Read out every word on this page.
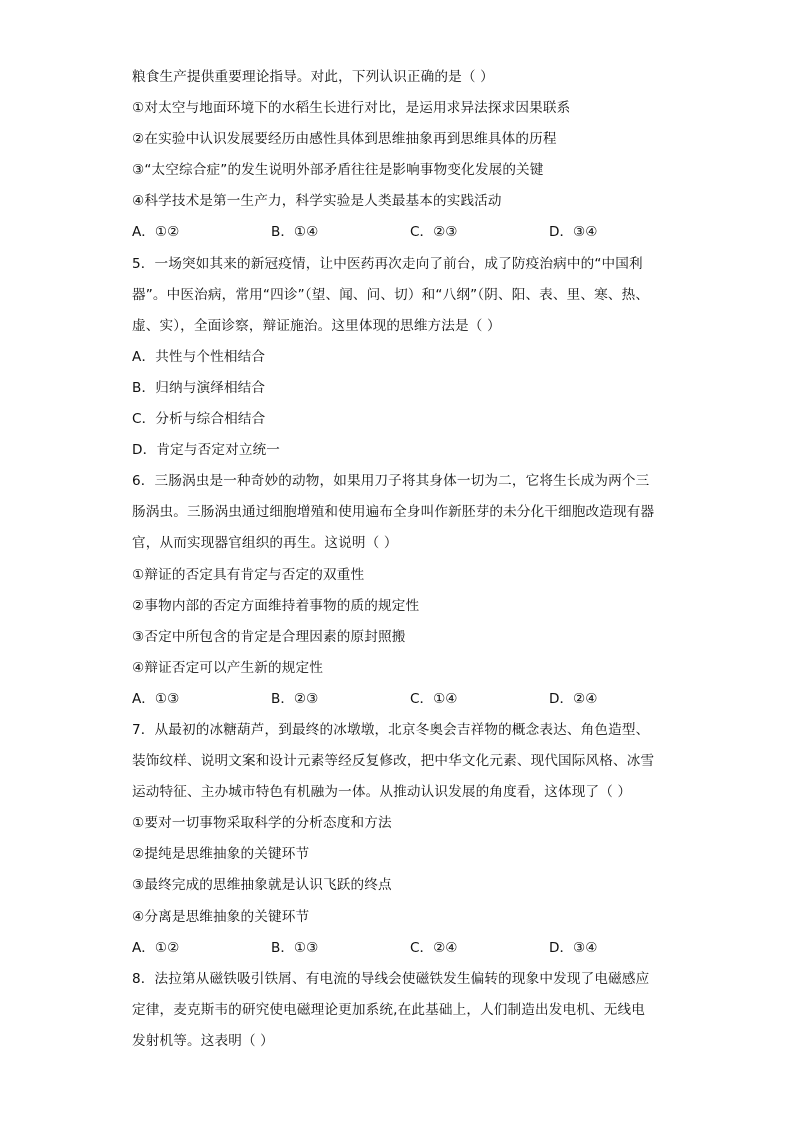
粮食生产提供重要理论指导。对此，下列认识正确的是（ ）
①对太空与地面环境下的水稻生长进行对比，是运用求异法探求因果联系
②在实验中认识发展要经历由感性具体到思维抽象再到思维具体的历程
③“太空综合症”的发生说明外部矛盾往往是影响事物变化发展的关键
④科学技术是第一生产力，科学实验是人类最基本的实践活动
A．①②	B．①④	C．②③	D．③④
5．一场突如其来的新冠疫情，让中医药再次走向了前台，成了防疫治病中的“中国利
器”。中医治病，常用“四诊”（望、闻、问、切）和“八纲”（阴、阳、表、里、寒、热、
虚、实），全面诊察，辩证施治。这里体现的思维方法是（ ）
A．共性与个性相结合
B．归纳与演绎相结合
C．分析与综合相结合
D．肯定与否定对立统一
6．三肠涡虫是一种奇妙的动物，如果用刀子将其身体一切为二，它将生长成为两个三
肠涡虫。三肠涡虫通过细胞增殖和使用遍布全身叫作新胚芽的未分化干细胞改造现有器
官，从而实现器官组织的再生。这说明（ ）
①辩证的否定具有肯定与否定的双重性
②事物内部的否定方面维持着事物的质的规定性
③否定中所包含的肯定是合理因素的原封照搬
④辩证否定可以产生新的规定性
A．①③	B．②③	C．①④	D．②④
7．从最初的冰糖葫芦，到最终的冰墩墩，北京冬奥会吉祥物的概念表达、角色造型、
装饰纹样、说明文案和设计元素等经反复修改，把中华文化元素、现代国际风格、冰雪
运动特征、主办城市特色有机融为一体。从推动认识发展的角度看，这体现了（ ）
①要对一切事物采取科学的分析态度和方法
②提纯是思维抽象的关键环节
③最终完成的思维抽象就是认识飞跃的终点
④分离是思维抽象的关键环节
A．①②	B．①③	C．②④	D．③④
8．法拉第从磁铁吸引铁屑、有电流的导线会使磁铁发生偏转的现象中发现了电磁感应
定律，麦克斯韦的研究使电磁理论更加系统,在此基础上，人们制造出发电机、无线电
发射机等。这表明（ ）
